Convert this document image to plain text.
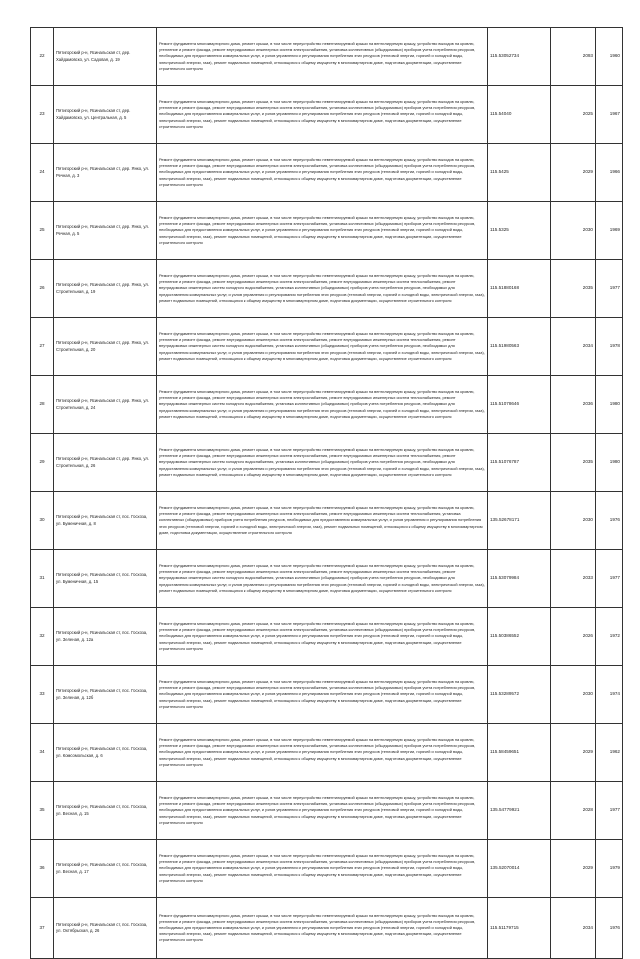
22	Пятигорский р-н, Ясинальская ст, дер. Хайдамовско, ул. Садовая, д. 19	Ремонт фундамента многоквартирного дома, ремонт крыши, в том числе переустройство невентилируемой крыши на вентилируемую крышу, устройство выходов на кровлю, утепление и ремонт фасада, ремонт внутридомовых инженерных систем электроснабжения, установка коллективных (общедомовых) приборов учета потребления ресурсов, необходимых для предоставления коммунальных услуг, и узлов управления и регулирования потребления этих ресурсов (тепловой энергии, горячей и холодной воды, электрической энергии, газа), ремонт подвальных помещений, относящихся к общему имуществу в многоквартирном доме, подготовка документации, осуществление строительного контроля	115.53052734	2093	1960
23	Пятигорский р-н, Ясинальская ст, дер. Хайдамовско, ул. Центральная, д. 5	Ремонт фундамента многоквартирного дома, ремонт крыши, в том числе переустройство невентилируемой крыши на вентилируемую крышу, устройство выходов на кровлю, утепление и ремонт фасада, ремонт внутридомовых инженерных систем электроснабжения, установка коллективных (общедомовых) приборов учета потребления ресурсов, необходимых для предоставления коммунальных услуг, и узлов управления и регулирования потребления этих ресурсов (тепловой энергии, горячей и холодной воды, электрической энергии, газа), ремонт подвальных помещений, относящихся к общему имуществу в многоквартирном доме, подготовка документации, осуществление строительного контроля	115.54040	2025	1967
24	Пятигорский р-н, Ясинальская ст, дер. Янко, ул. Речная, д. 3	Ремонт фундамента многоквартирного дома, ремонт крыши, в том числе переустройство невентилируемой крыши на вентилируемую крышу, устройство выходов на кровлю, утепление и ремонт фасада, ремонт внутридомовых инженерных систем электроснабжения, установка коллективных (общедомовых) приборов учета потребления ресурсов, необходимых для предоставления коммунальных услуг, и узлов управления и регулирования потребления этих ресурсов (тепловой энергии, горячей и холодной воды, электрической энергии, газа), ремонт подвальных помещений, относящихся к общему имуществу в многоквартирном доме, подготовка документации, осуществление строительного контроля	115.5425	2029	1966
25	Пятигорский р-н, Ясинальская ст, дер. Янко, ул. Речная, д. 5	Ремонт фундамента многоквартирного дома, ремонт крыши, в том числе переустройство невентилируемой крыши на вентилируемую крышу, устройство выходов на кровлю, утепление и ремонт фасада, ремонт внутридомовых инженерных систем электроснабжения, установка коллективных (общедомовых) приборов учета потребления ресурсов, необходимых для предоставления коммунальных услуг, и узлов управления и регулирования потребления этих ресурсов (тепловой энергии, горячей и холодной воды, электрической энергии, газа), ремонт подвальных помещений, относящихся к общему имуществу в многоквартирном доме, подготовка документации, осуществление строительного контроля	115.5325	2030	1969
26	Пятигорский р-н, Ясинальская ст, дер. Янко, ул. Строительная, д. 19	Ремонт фундамента многоквартирного дома, ремонт крыши, в том числе переустройство невентилируемой крыши на вентилируемую крышу, устройство выходов на кровлю, утепление и ремонт фасада, ремонт внутридомовых инженерных систем электроснабжения, ремонт внутридомовых инженерных систем теплоснабжения, ремонт внутридомовых инженерных систем холодного водоснабжения, установка коллективных (общедомовых) приборов учета потребления ресурсов, необходимых для предоставления коммунальных услуг, и узлов управления и регулирования потребления этих ресурсов (тепловой энергии, горячей и холодной воды, электрической энергии, газа), ремонт подвальных помещений, относящихся к общему имуществу в многоквартирном доме, подготовка документации, осуществление строительного контроля	115.51880168	2035	1977
27	Пятигорский р-н, Ясинальская ст, дер. Янко, ул. Строительная, д. 20	Ремонт фундамента многоквартирного дома, ремонт крыши, в том числе переустройство невентилируемой крыши на вентилируемую крышу, устройство выходов на кровлю, утепление и ремонт фасада, ремонт внутридомовых инженерных систем электроснабжения, ремонт внутридомовых инженерных систем теплоснабжения, ремонт внутридомовых инженерных систем холодного водоснабжения, установка коллективных (общедомовых) приборов учета потребления ресурсов, необходимых для предоставления коммунальных услуг, и узлов управления и регулирования потребления этих ресурсов (тепловой энергии, горячей и холодной воды, электрической энергии, газа), ремонт подвальных помещений, относящихся к общему имуществу в многоквартирном доме, подготовка документации, осуществление строительного контроля	115.51980563	2034	1978
28	Пятигорский р-н, Ясинальская ст, дер. Янко, ул. Строительная, д. 24	Ремонт фундамента многоквартирного дома, ремонт крыши, в том числе переустройство невентилируемой крыши на вентилируемую крышу, устройство выходов на кровлю, утепление и ремонт фасада, ремонт внутридомовых инженерных систем электроснабжения, ремонт внутридомовых инженерных систем теплоснабжения, ремонт внутридомовых инженерных систем холодного водоснабжения, установка коллективных (общедомовых) приборов учета потребления ресурсов, необходимых для предоставления коммунальных услуг, и узлов управления и регулирования потребления этих ресурсов (тепловой энергии, горячей и холодной воды, электрической энергии, газа), ремонт подвальных помещений, относящихся к общему имуществу в многоквартирном доме, подготовка документации, осуществление строительного контроля	115.51078646	2036	1980
29	Пятигорский р-н, Ясинальская ст, дер. Янко, ул. Строительная, д. 26	Ремонт фундамента многоквартирного дома, ремонт крыши, в том числе переустройство невентилируемой крыши на вентилируемую крышу, устройство выходов на кровлю, утепление и ремонт фасада, ремонт внутридомовых инженерных систем электроснабжения, ремонт внутридомовых инженерных систем теплоснабжения, ремонт внутридомовых инженерных систем холодного водоснабжения, установка коллективных (общедомовых) приборов учета потребления ресурсов, необходимых для предоставления коммунальных услуг, и узлов управления и регулирования потребления этих ресурсов (тепловой энергии, горячей и холодной воды, электрической энергии, газа), ремонт подвальных помещений, относящихся к общему имуществу в многоквартирном доме, подготовка документации, осуществление строительного контроля	115.51076787	2035	1980
30	Пятигорский р-н, Ясинальская ст, пос. Госхоза, ул. Буменичная, д. 8	Ремонт фундамента многоквартирного дома, ремонт крыши, в том числе переустройство невентилируемой крыши на вентилируемую крышу, устройство выходов на кровлю, утепление и ремонт фасада, ремонт внутридомовых инженерных систем электроснабжения, ремонт внутридомовых инженерных систем теплоснабжения, установка коллективных (общедомовых) приборов учета потребления ресурсов, необходимых для предоставления коммунальных услуг, и узлов управления и регулирования потребления этих ресурсов (тепловой энергии, горячей и холодной воды, электрической энергии, газа), ремонт подвальных помещений, относящихся к общему имуществу в многоквартирном доме, подготовка документации, осуществление строительного контроля	135.52678171	2030	1976
31	Пятигорский р-н, Ясинальская ст, пос. Госхоза, ул. Буменичная, д. 15	Ремонт фундамента многоквартирного дома, ремонт крыши, в том числе переустройство невентилируемой крыши на вентилируемую крышу, устройство выходов на кровлю, утепление и ремонт фасада, ремонт внутридомовых инженерных систем электроснабжения, ремонт внутридомовых инженерных систем теплоснабжения, ремонт внутридомовых инженерных систем холодного водоснабжения, установка коллективных (общедомовых) приборов учета потребления ресурсов, необходимых для предоставления коммунальных услуг, и узлов управления и регулирования потребления этих ресурсов (тепловой энергии, горячей и холодной воды, электрической энергии, газа), ремонт подвальных помещений, относящихся к общему имуществу в многоквартирном доме, подготовка документации, осуществление строительного контроля	115.53079984	2033	1977
32	Пятигорский р-н, Ясинальская ст, пос. Госхоза, ул. Зеленая, д. 12а	Ремонт фундамента многоквартирного дома, ремонт крыши, в том числе переустройство невентилируемой крыши на вентилируемую крышу, устройство выходов на кровлю, утепление и ремонт фасада, ремонт внутридомовых инженерных систем электроснабжения, установка коллективных (общедомовых) приборов учета потребления ресурсов, необходимых для предоставления коммунальных услуг, и узлов управления и регулирования потребления этих ресурсов (тепловой энергии, горячей и холодной воды, электрической энергии, газа), ремонт подвальных помещений, относящихся к общему имуществу в многоквартирном доме, подготовка документации, осуществление строительного контроля	115.50386552	2026	1972
33	Пятигорский р-н, Ясинальская ст, пос. Госхоза, ул. Зеленая, д. 12б	Ремонт фундамента многоквартирного дома, ремонт крыши, в том числе переустройство невентилируемой крыши на вентилируемую крышу, устройство выходов на кровлю, утепление и ремонт фасада, ремонт внутридомовых инженерных систем электроснабжения, установка коллективных (общедомовых) приборов учета потребления ресурсов, необходимых для предоставления коммунальных услуг, и узлов управления и регулирования потребления этих ресурсов (тепловой энергии, горячей и холодной воды, электрической энергии, газа), ремонт подвальных помещений, относящихся к общему имуществу в многоквартирном доме, подготовка документации, осуществление строительного контроля	115.53289572	2030	1974
34	Пятигорский р-н, Ясинальская ст, пос. Госхоза, ул. Комсомольская, д. 6	Ремонт фундамента многоквартирного дома, ремонт крыши, в том числе переустройство невентилируемой крыши на вентилируемую крышу, устройство выходов на кровлю, утепление и ремонт фасада, ремонт внутридомовых инженерных систем электроснабжения, установка коллективных (общедомовых) приборов учета потребления ресурсов, необходимых для предоставления коммунальных услуг, и узлов управления и регулирования потребления этих ресурсов (тепловой энергии, горячей и холодной воды, электрической энергии, газа), ремонт подвальных помещений, относящихся к общему имуществу в многоквартирном доме, подготовка документации, осуществление строительного контроля	115.58459651	2029	1962
35	Пятигорский р-н, Ясинальская ст, пос. Госхоза, ул. Весная, д. 15	Ремонт фундамента многоквартирного дома, ремонт крыши, в том числе переустройство невентилируемой крыши на вентилируемую крышу, устройство выходов на кровлю, утепление и ремонт фасада, ремонт внутридомовых инженерных систем электроснабжения, установка коллективных (общедомовых) приборов учета потребления ресурсов, необходимых для предоставления коммунальных услуг, и узлов управления и регулирования потребления этих ресурсов (тепловой энергии, горячей и холодной воды, электрической энергии, газа), ремонт подвальных помещений, относящихся к общему имуществу в многоквартирном доме, подготовка документации, осуществление строительного контроля	135.54779921	2028	1977
36	Пятигорский р-н, Ясинальская ст, пос. Госхоза, ул. Весная, д. 17	Ремонт фундамента многоквартирного дома, ремонт крыши, в том числе переустройство невентилируемой крыши на вентилируемую крышу, устройство выходов на кровлю, утепление и ремонт фасада, ремонт внутридомовых инженерных систем электроснабжения, установка коллективных (общедомовых) приборов учета потребления ресурсов, необходимых для предоставления коммунальных услуг, и узлов управления и регулирования потребления этих ресурсов (тепловой энергии, горячей и холодной воды, электрической энергии, газа), ремонт подвальных помещений, относящихся к общему имуществу в многоквартирном доме, подготовка документации, осуществление строительного контроля	135.52070014	2029	1979
37	Пятигорский р-н, Ясинальская ст, пос. Госхоза, ул. Октябрьская, д. 26	Ремонт фундамента многоквартирного дома, ремонт крыши, в том числе переустройство невентилируемой крыши на вентилируемую крышу, устройство выходов на кровлю, утепление и ремонт фасада, ремонт внутридомовых инженерных систем электроснабжения, установка коллективных (общедомовых) приборов учета потребления ресурсов, необходимых для предоставления коммунальных услуг, и узлов управления и регулирования потребления этих ресурсов (тепловой энергии, горячей и холодной воды, электрической энергии, газа), ремонт подвальных помещений, относящихся к общему имуществу в многоквартирном доме, подготовка документации, осуществление строительного контроля	115.51179715	2034	1976
